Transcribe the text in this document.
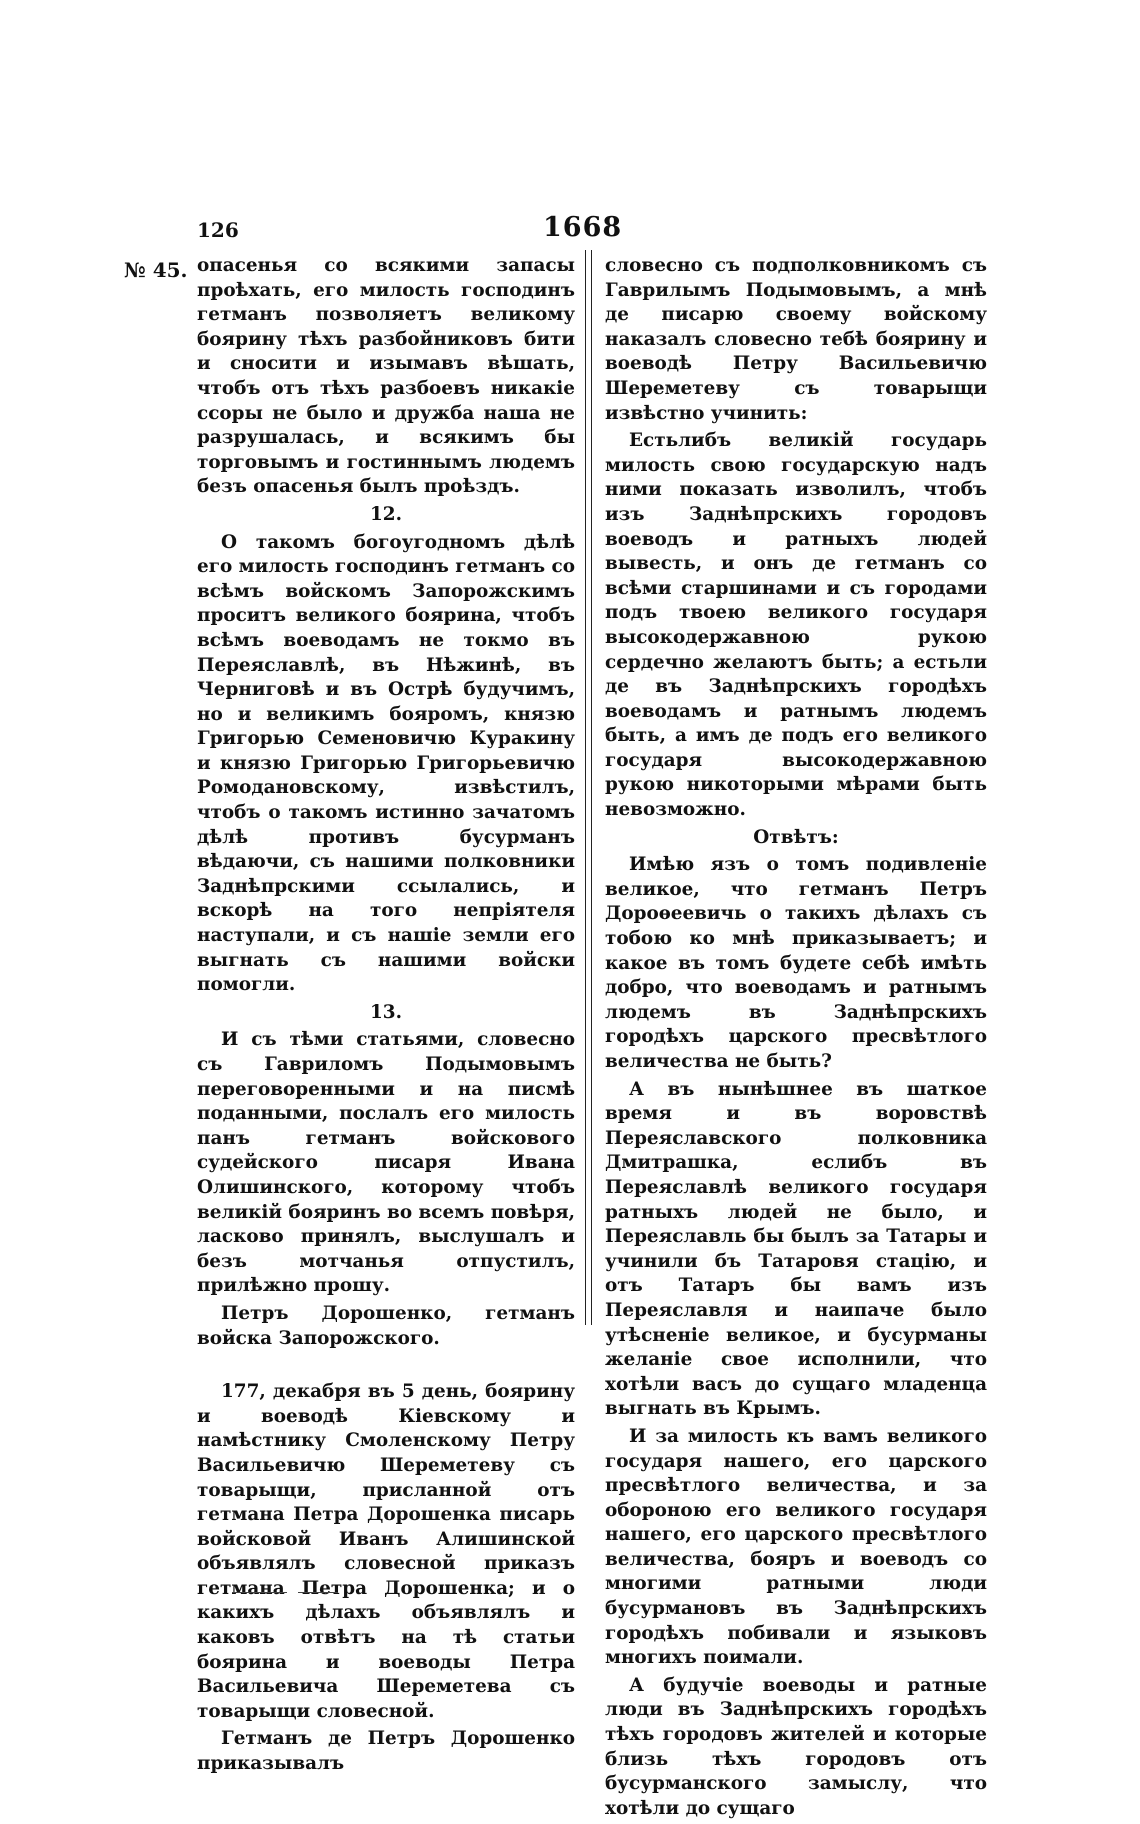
126	1668
№ 45. опасенья со всякими запасы проѣхать, его милость господинъ гетманъ позволяетъ великому боярину тѣхъ разбойниковъ бити и сносити и изымавъ вѣшать, чтобъ отъ тѣхъ разбоевъ никакіе ссоры не было и дружба наша не разрушалась, и всякимъ бы торговымъ и гостиннымъ людемъ безъ опасенья былъ проѣздъ.

12.

О такомъ богоугодномъ дѣлѣ его милость господинъ гетманъ со всѣмъ войскомъ Запорожскимъ проситъ великого боярина, чтобъ всѣмъ воеводамъ не токмо въ Переяславлѣ, въ Нѣжинѣ, въ Черниговѣ и въ Острѣ будучимъ, но и великимъ бояромъ, князю Григорью Семеновичю Куракину и князю Григорью Григорьевичю Ромодановскому, извѣстилъ, чтобъ о такомъ истинно зачатомъ дѣлѣ противъ бусурманъ вѣдаючи, съ нашими полковники Заднѣпрскими ссылались, и вскорѣ на того непріятеля наступали, и съ нашіе земли его выгнать съ нашими войски помогли.

13.

И съ тѣми статьями, словесно съ Гавриломъ Подымовымъ переговоренными и на писмѣ поданными, послалъ его милость панъ гетманъ войскового судейского писаря Ивана Олишинского, которому чтобъ великій бояринъ во всемъ повѣря, ласково принялъ, выслушалъ и безъ мотчанья отпустилъ, прилѣжно прошу.

Петръ Дорошенко, гетманъ войска Запорожского.

177, декабря въ 5 день, боярину и воеводѣ Кіевскому и намѣстнику Смоленскому Петру Васильевичю Шереметеву съ товарыщи, присланной отъ гетмана Петра Дорошенка писарь войсковой Иванъ Алишинской объявлялъ словесной приказъ гетмана Петра Дорошенка; и о какихъ дѣлахъ объявлялъ и каковъ отвѣтъ на тѣ статьи боярина и воеводы Петра Васильевича Шереметева съ товарыщи словесной.

Гетманъ де Петръ Дорошенко приказывалъ

словесно съ подполковникомъ съ Гаврилымъ Подымовымъ, а мнѣ де писарю своему войскому наказалъ словесно тебѣ боярину и воеводѣ Петру Васильевичю Шереметеву съ товарыщи извѣстно учинить:

Естьлибъ великій государь милость свою государскую надъ ними показать изволилъ, чтобъ изъ Заднѣпрскихъ городовъ воеводъ и ратныхъ людей вывесть, и онъ де гетманъ со всѣми старшинами и съ городами подъ твоею великого государя высокодержавною рукою сердечно желаютъ быть; а естьли де въ Заднѣпрскихъ городѣхъ воеводамъ и ратнымъ людемъ быть, а имъ де подъ его великого государя высокодержавною рукою никоторыми мѣрами быть невозможно.

Отвѣтъ:

Имѣю язъ о томъ подивленіе великое, что гетманъ Петръ Дороѳеевичь о такихъ дѣлахъ съ тобою ко мнѣ приказываетъ; и какое въ томъ будете себѣ имѣть добро, что воеводамъ и ратнымъ людемъ въ Заднѣпрскихъ городѣхъ царского пресвѣтлого величества не быть?

А въ нынѣшнее въ шаткое время и въ воровствѣ Переяславского полковника Дмитрашка, еслибъ въ Переяславлѣ великого государя ратныхъ людей не было, и Переяславль бы былъ за Татары и учинили бъ Татаровя стацію, и отъ Татаръ бы вамъ изъ Переяславля и наипаче было утѣсненіе великое, и бусурманы желаніе свое исполнили, что хотѣли васъ до сущаго младенца выгнать въ Крымъ.

И за милость къ вамъ великого государя нашего, его царского пресвѣтлого величества, и за обороною его великого государя нашего, его царского пресвѣтлого величества, бояръ и воеводъ со многими ратными люди бусурмановъ въ Заднѣпрскихъ городѣхъ побивали и языковъ многихъ поимали.

А будучіе воеводы и ратные люди въ Заднѣпрскихъ городѣхъ тѣхъ городовъ жителей и которые близь тѣхъ городовъ отъ бусурманского замыслу, что хотѣли до сущаго
